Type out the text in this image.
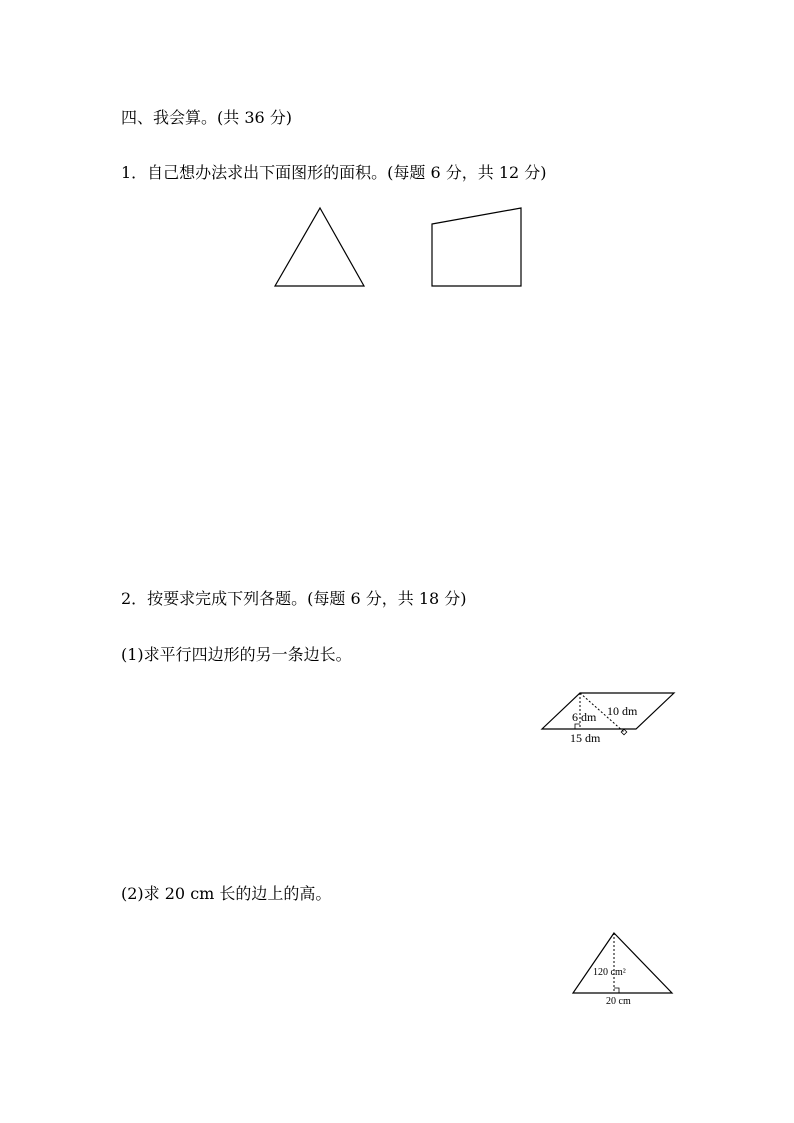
四、我会算。(共 36 分)
1．自己想办法求出下面图形的面积。(每题 6 分，共 12 分)
2．按要求完成下列各题。(每题 6 分，共 18 分)
(1)求平行四边形的另一条边长。
10 dm
6 dm
15 dm
(2)求 20 cm 长的边上的高。
120 cm²
20 cm
